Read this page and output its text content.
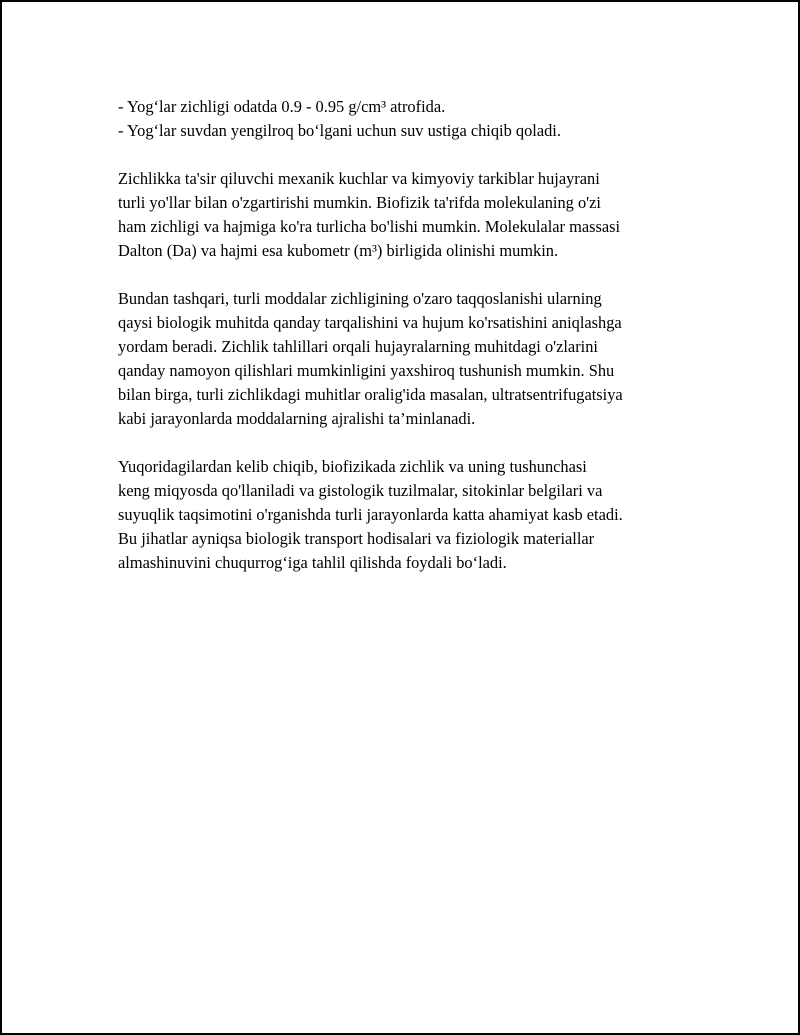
- Yog‘lar zichligi odatda 0.9 - 0.95 g/cm³ atrofida.
- Yog‘lar suvdan yengilroq bo‘lgani uchun suv ustiga chiqib qoladi.
Zichlikka ta'sir qiluvchi mexanik kuchlar va kimyoviy tarkiblar hujayrani
turli yo'llar bilan o'zgartirishi mumkin. Biofizik ta'rifda molekulaning o'zi
ham zichligi va hajmiga ko'ra turlicha bo'lishi mumkin. Molekulalar massasi
Dalton (Da) va hajmi esa kubometr (m³) birligida olinishi mumkin.
Bundan tashqari, turli moddalar zichligining o'zaro taqqoslanishi ularning
qaysi biologik muhitda qanday tarqalishini va hujum ko'rsatishini aniqlashga
yordam beradi. Zichlik tahlillari orqali hujayralarning muhitdagi o'zlarini
qanday namoyon qilishlari mumkinligini yaxshiroq tushunish mumkin. Shu
bilan birga, turli zichlikdagi muhitlar oralig'ida masalan, ultratsentrifugatsiya
kabi jarayonlarda moddalarning ajralishi ta’minlanadi.
Yuqoridagilardan kelib chiqib, biofizikada zichlik va uning tushunchasi
keng miqyosda qo'llaniladi va gistologik tuzilmalar, sitokinlar belgilari va
suyuqlik taqsimotini o'rganishda turli jarayonlarda katta ahamiyat kasb etadi.
Bu jihatlar ayniqsa biologik transport hodisalari va fiziologik materiallar
almashinuvini chuqurrog‘iga tahlil qilishda foydali bo‘ladi.
